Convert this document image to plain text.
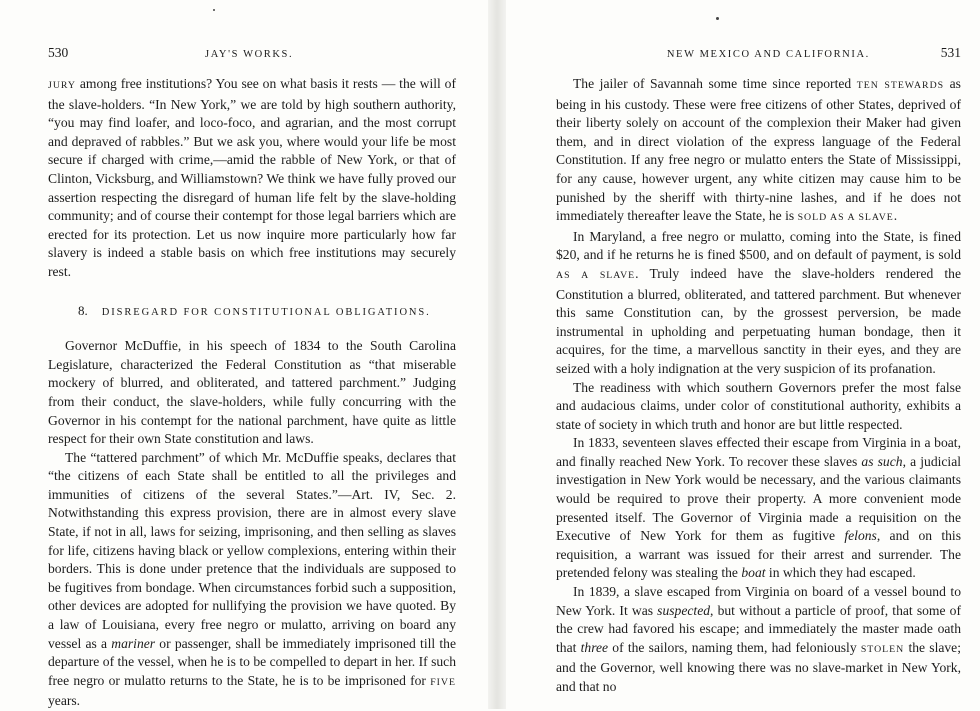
530	JAY'S WORKS.

JURY among free institutions? You see on what basis it rests — the will of the slave-holders. “In New York,” we are told by high southern authority, “you may find loafer, and loco-foco, and agrarian, and the most corrupt and depraved of rabbles.” But we ask you, where would your life be most secure if charged with crime,—amid the rabble of New York, or that of Clinton, Vicksburg, and Williamstown? We think we have fully proved our assertion respecting the disregard of human life felt by the slave-holding community; and of course their contempt for those legal barriers which are erected for its protection. Let us now inquire more particularly how far slavery is indeed a stable basis on which free institutions may securely rest.

8. DISREGARD FOR CONSTITUTIONAL OBLIGATIONS.

Governor McDuffie, in his speech of 1834 to the South Carolina Legislature, characterized the Federal Constitution as “that miserable mockery of blurred, and obliterated, and tattered parchment.” Judging from their conduct, the slave-holders, while fully concurring with the Governor in his contempt for the national parchment, have quite as little respect for their own State constitution and laws.

The “tattered parchment” of which Mr. McDuffie speaks, declares that “the citizens of each State shall be entitled to all the privileges and immunities of citizens of the several States.”—Art. IV, Sec. 2. Notwithstanding this express provision, there are in almost every slave State, if not in all, laws for seizing, imprisoning, and then selling as slaves for life, citizens having black or yellow complexions, entering within their borders. This is done under pretence that the individuals are supposed to be fugitives from bondage. When circumstances forbid such a supposition, other devices are adopted for nullifying the provision we have quoted. By a law of Louisiana, every free negro or mulatto, arriving on board any vessel as a mariner or passenger, shall be immediately imprisoned till the departure of the vessel, when he is to be compelled to depart in her. If such free negro or mulatto returns to the State, he is to be imprisoned for FIVE years.

NEW MEXICO AND CALIFORNIA.	531

The jailer of Savannah some time since reported TEN STEWARDS as being in his custody. These were free citizens of other States, deprived of their liberty solely on account of the complexion their Maker had given them, and in direct violation of the express language of the Federal Constitution. If any free negro or mulatto enters the State of Mississippi, for any cause, however urgent, any white citizen may cause him to be punished by the sheriff with thirty-nine lashes, and if he does not immediately thereafter leave the State, he is SOLD AS A SLAVE.

In Maryland, a free negro or mulatto, coming into the State, is fined $20, and if he returns he is fined $500, and on default of payment, is sold AS A SLAVE. Truly indeed have the slave-holders rendered the Constitution a blurred, obliterated, and tattered parchment. But whenever this same Constitution can, by the grossest perversion, be made instrumental in upholding and perpetuating human bondage, then it acquires, for the time, a marvellous sanctity in their eyes, and they are seized with a holy indignation at the very suspicion of its profanation.

The readiness with which southern Governors prefer the most false and audacious claims, under color of constitutional authority, exhibits a state of society in which truth and honor are but little respected.

In 1833, seventeen slaves effected their escape from Virginia in a boat, and finally reached New York. To recover these slaves as such, a judicial investigation in New York would be necessary, and the various claimants would be required to prove their property. A more convenient mode presented itself. The Governor of Virginia made a requisition on the Executive of New York for them as fugitive felons, and on this requisition, a warrant was issued for their arrest and surrender. The pretended felony was stealing the boat in which they had escaped.

In 1839, a slave escaped from Virginia on board of a vessel bound to New York. It was suspected, but without a particle of proof, that some of the crew had favored his escape; and immediately the master made oath that three of the sailors, naming them, had feloniously STOLEN the slave; and the Governor, well knowing there was no slave-market in New York, and that no
